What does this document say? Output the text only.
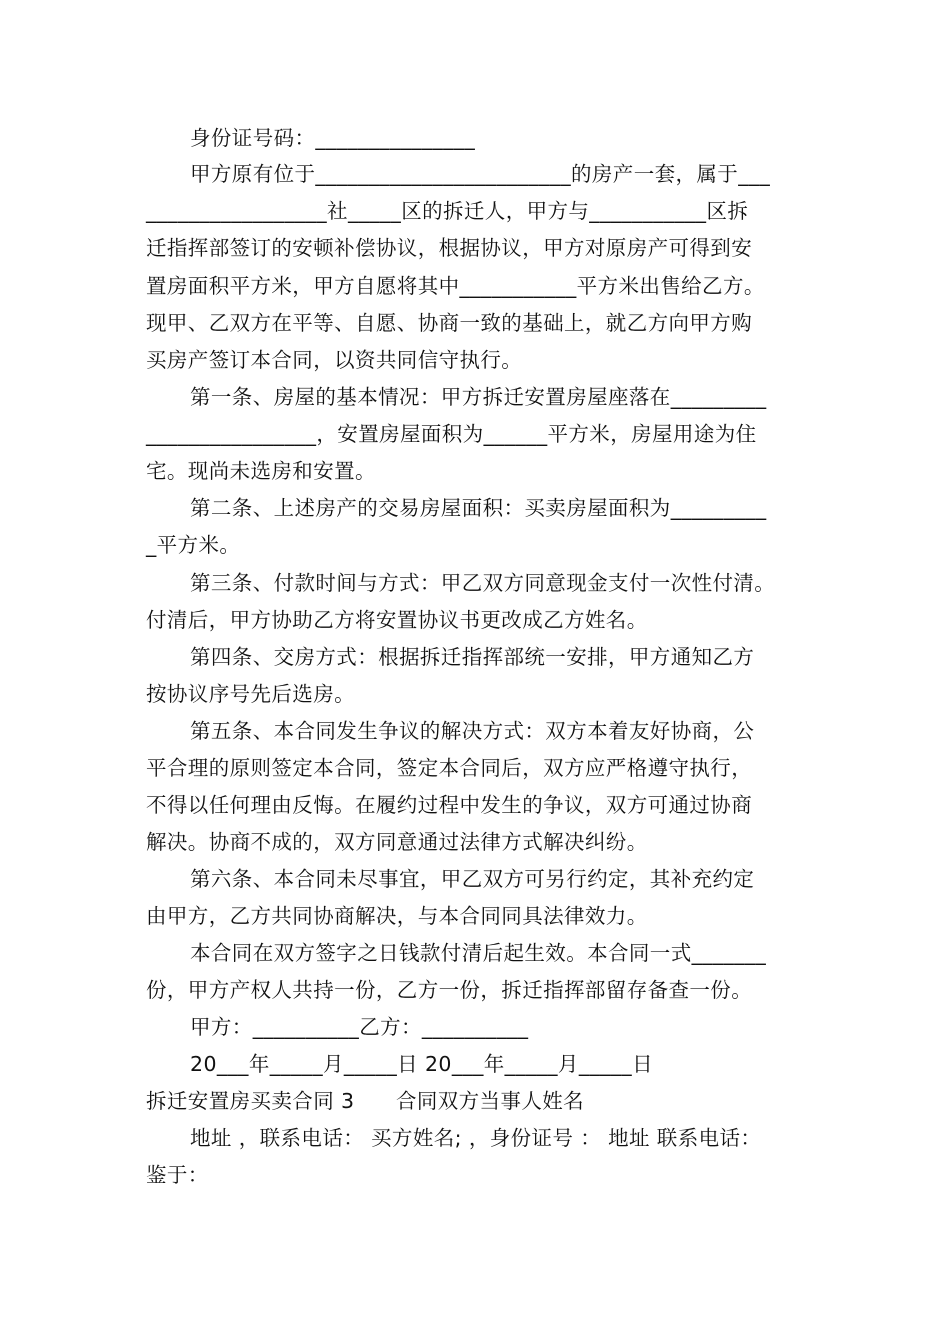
身份证号码：_______________
甲方原有位于________________________的房产一套，属于___
_________________社_____区的拆迁人，甲方与___________区拆
迁指挥部签订的安顿补偿协议，根据协议，甲方对原房产可得到安
置房面积平方米，甲方自愿将其中___________平方米出售给乙方。
现甲、乙双方在平等、自愿、协商一致的基础上，就乙方向甲方购
买房产签订本合同，以资共同信守执行。
第一条、房屋的基本情况：甲方拆迁安置房屋座落在_________
________________，安置房屋面积为______平方米，房屋用途为住
宅。现尚未选房和安置。
第二条、上述房产的交易房屋面积：买卖房屋面积为_________
_平方米。
第三条、付款时间与方式：甲乙双方同意现金支付一次性付清。
付清后，甲方协助乙方将安置协议书更改成乙方姓名。
第四条、交房方式：根据拆迁指挥部统一安排，甲方通知乙方
按协议序号先后选房。
第五条、本合同发生争议的解决方式：双方本着友好协商，公
平合理的原则签定本合同，签定本合同后，双方应严格遵守执行，
不得以任何理由反悔。在履约过程中发生的争议，双方可通过协商
解决。协商不成的，双方同意通过法律方式解决纠纷。
第六条、本合同未尽事宜，甲乙双方可另行约定，其补充约定
由甲方，乙方共同协商解决，与本合同同具法律效力。
本合同在双方签字之日钱款付清后起生效。本合同一式_______
份，甲方产权人共持一份，乙方一份，拆迁指挥部留存备查一份。
甲方：__________乙方：__________
20___年_____月_____日 20___年_____月_____日
拆迁安置房买卖合同 3      合同双方当事人姓名
地址 ，联系电话： 买方姓名; ，身份证号 ： 地址 联系电话：
鉴于：
